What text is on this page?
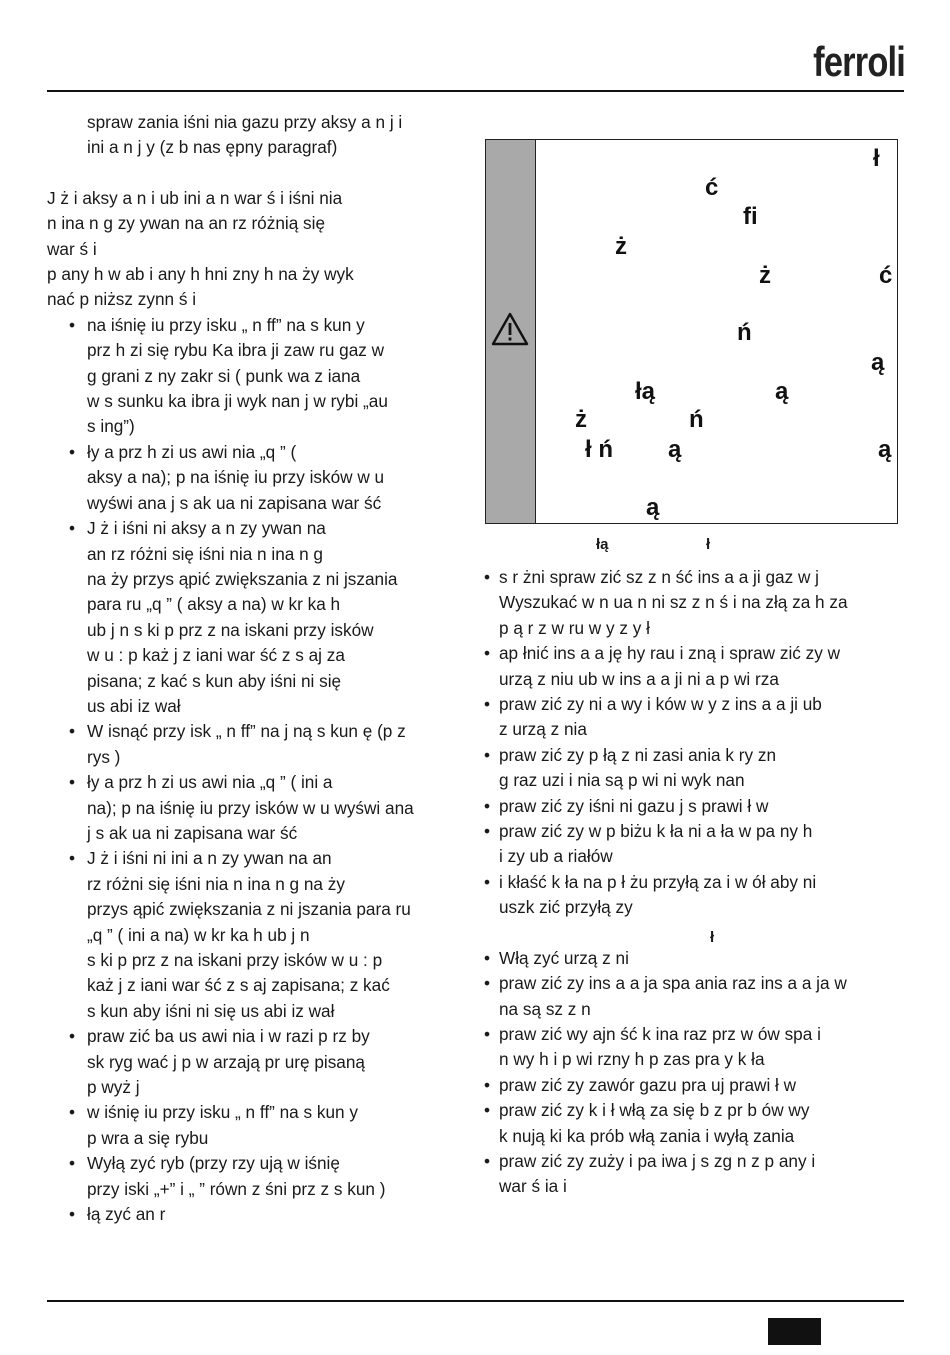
ferroli

spraw zania iśni nia gazu przy aksy a n j i

ini a n j y (z b nas ępny paragraf)

J ż i aksy a n i ub ini a n war ś i iśni nia

n ina n g zy ywan na an rz różnią się

war ś i

p any h w ab i any h hni zny h na ży wyk

nać p niższ zynn ś i

• na iśnię iu przy isku „ n ff” na s kun y

prz h zi się rybu Ka ibra ji zaw ru gaz w

g grani z ny zakr si ( punk wa z iana

w s sunku ka ibra ji wyk nan j w rybi „au

s ing”)

• ły a prz h zi us awi nia „q ” (

aksy a na); p na iśnię iu przy isków w u

wyświ ana j s ak ua ni zapisana war ść

• J ż i iśni ni aksy a n zy ywan na

an rz różni się iśni nia n ina n g

na ży przys ąpić zwiększania z ni jszania

para ru „q ” ( aksy a na) w kr ka h

ub j n s ki p prz z na iskani przy isków

w u : p każ j z iani war ść z s aj za

pisana; z kać s kun aby iśni ni się

us abi iz wał

• W isnąć przy isk „ n ff” na j ną s kun ę (p z

rys )

• ły a prz h zi us awi nia „q ” ( ini a

na); p na iśnię iu przy isków w u wyświ ana

j s ak ua ni zapisana war ść

• J ż i iśni ni ini a n zy ywan na an

rz różni się iśni nia n ina n g na ży

przys ąpić zwiększania z ni jszania para ru

„q ” ( ini a na) w kr ka h ub j n

s ki p prz z na iskani przy isków w u : p

każ j z iani war ść z s aj zapisana; z kać

s kun aby iśni ni się us abi iz wał

• praw zić ba us awi nia i w razi p rz by

sk ryg wać j p w arzają pr urę pisaną

p wyż j

• w iśnię iu przy isku „ n ff” na s kun y

p wra a się rybu

• Wyłą zyć ryb (przy rzy ują w iśnię

przy iski „+” i „ ” równ z śni prz z s kun )

• łą zyć an r

ł
ć
fi
ż
ż	ć
ń
ą
łą	ą
ż	ń
ł ń ą	ą
ą
łą	ł

• s r żni spraw zić sz z n ść ins a a ji gaz w j

Wyszukać w n ua n ni sz z n ś i na złą za h za

p ą r z w ru w y z y ł

• ap łnić ins a a ję hy rau i zną i spraw zić zy w

urzą z niu ub w ins a a ji ni a p wi rza

• praw zić zy ni a wy i ków w y z ins a a ji ub

z urzą z nia

• praw zić zy p łą z ni zasi ania k ry zn

g raz uzi i nia są p wi ni wyk nan

• praw zić zy iśni ni gazu j s prawi ł w

• praw zić zy w p biżu k ła ni a ła w pa ny h

i zy ub a riałów

• i kłaść k ła na p ł żu przyłą za i w ół aby ni

uszk zić przyłą zy

ł

• Włą zyć urzą z ni

• praw zić zy ins a a ja spa ania raz ins a a ja w

na są sz z n

• praw zić wy ajn ść k ina raz prz w ów spa i

n wy h i p wi rzny h p zas pra y k ła

• praw zić zy zawór gazu pra uj prawi ł w

• praw zić zy k i ł włą za się b z pr b ów wy

k nują ki ka prób włą zania i wyłą zania

• praw zić zy zuży i pa iwa j s zg n z p any i

war ś ia i
